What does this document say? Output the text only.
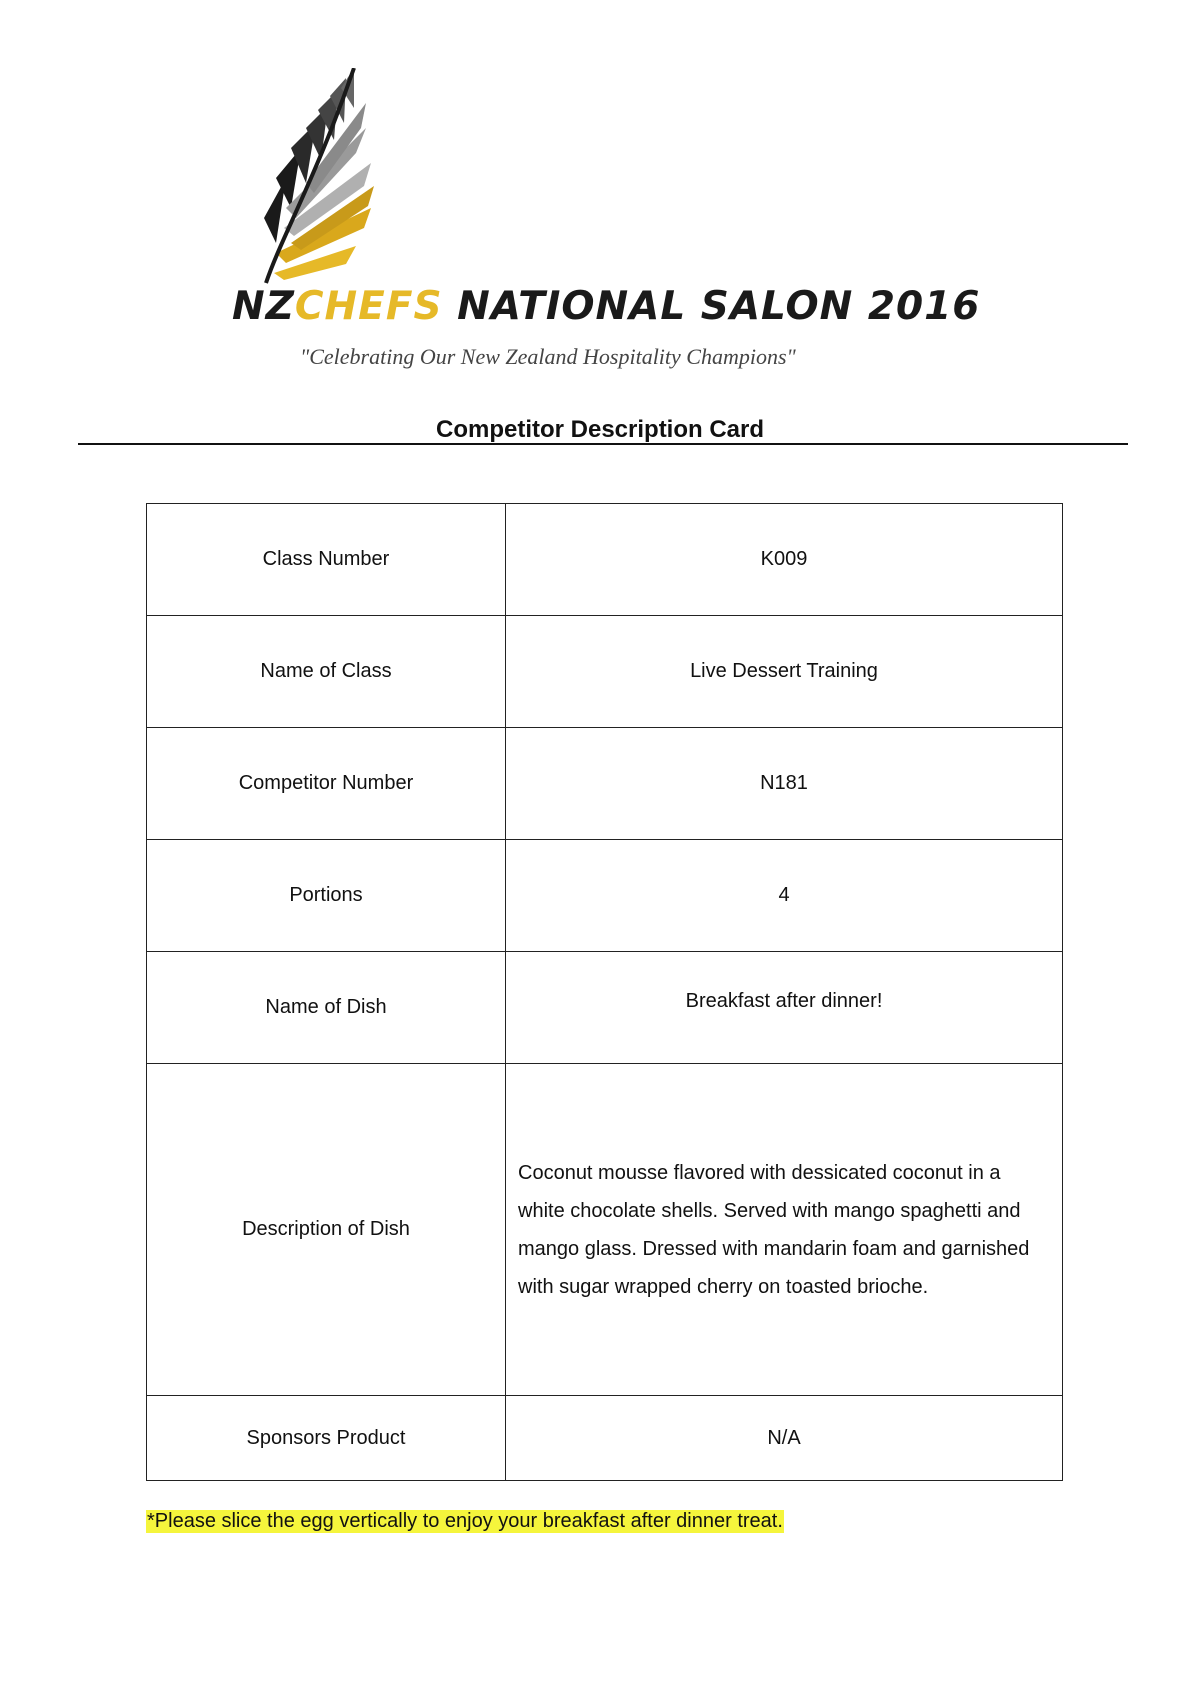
NZCHEFS NATIONAL SALON 2016
"Celebrating Our New Zealand Hospitality Champions"
Competitor Description Card
Class Number	K009
Name of Class	Live Dessert Training
Competitor Number	N181
Portions	4
Name of Dish	Breakfast after dinner!
Description of Dish	Coconut mousse flavored with dessicated coconut in a white chocolate shells. Served with mango spaghetti and mango glass. Dressed with mandarin foam and garnished with sugar wrapped cherry on toasted brioche.
Sponsors Product	N/A
*Please slice the egg vertically to enjoy your breakfast after dinner treat.
